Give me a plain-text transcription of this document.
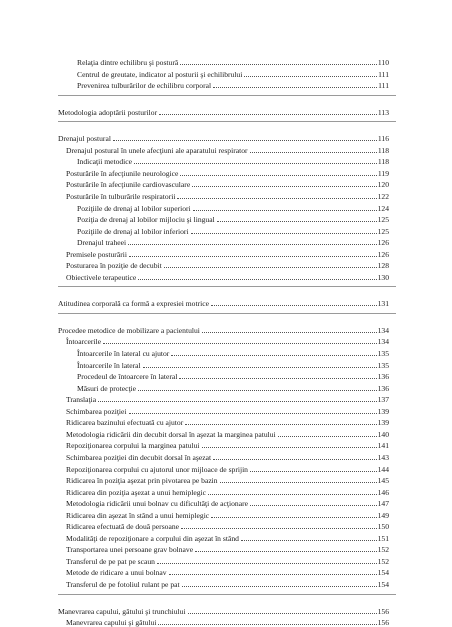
Relaţia dintre echilibru şi postură	110
Centrul de greutate, indicator al posturii şi echilibrului	111
Prevenirea tulburărilor de echilibru corporal	111
Metodologia adoptării posturilor	113
Drenajul postural	116
Drenajul postural în unele afecţiuni ale aparatului respirator	118
Indicaţii metodice	118
Posturările în afecţiunile neurologice	119
Posturările în afecţiunile cardiovasculare	120
Posturările în tulburările respiratorii	122
Poziţiile de drenaj al lobilor superiori	124
Poziţia de drenaj al lobilor mijlociu şi lingual	125
Poziţiile de drenaj al lobilor inferiori	125
Drenajul traheei	126
Premisele posturării	126
Posturarea în poziţie de decubit	128
Obiectivele terapeutice	130
Atitudinea corporală ca formă a expresiei motrice	131
Procedee metodice de mobilizare a pacientului	134
Întoarcerile	134
Întoarcerile în lateral cu ajutor	135
Întoarcerile în lateral	135
Procedeul de întoarcere în lateral	136
Măsuri de protecţie	136
Translaţia	137
Schimbarea poziţiei	139
Ridicarea bazinului efectuată cu ajutor	139
Metodologia ridicării din decubit dorsal în aşezat la marginea patului	140
Repoziţionarea corpului la marginea patului	141
Schimbarea poziţiei din decubit dorsal în aşezat	143
Repoziţionarea corpului cu ajutorul unor mijloace de sprijin	144
Ridicarea în poziţia aşezat prin pivotarea pe bazin	145
Ridicarea din poziţia aşezat a unui hemiplegic	146
Metodologia ridicării unui bolnav cu dificultăţi de acţionare	147
Ridicarea din aşezat în stând a unui hemiplegic	149
Ridicarea efectuată de două persoane	150
Modalităţi de repoziţionare a corpului din aşezat în stând	151
Transportarea unei persoane grav bolnave	152
Transferul de pe pat pe scaun	152
Metode de ridicare a unui bolnav	154
Transferul de pe fotoliul rulant pe pat	154
Manevrarea capului, gâtului şi trunchiului	156
Manevrarea capului şi gâtului	156
